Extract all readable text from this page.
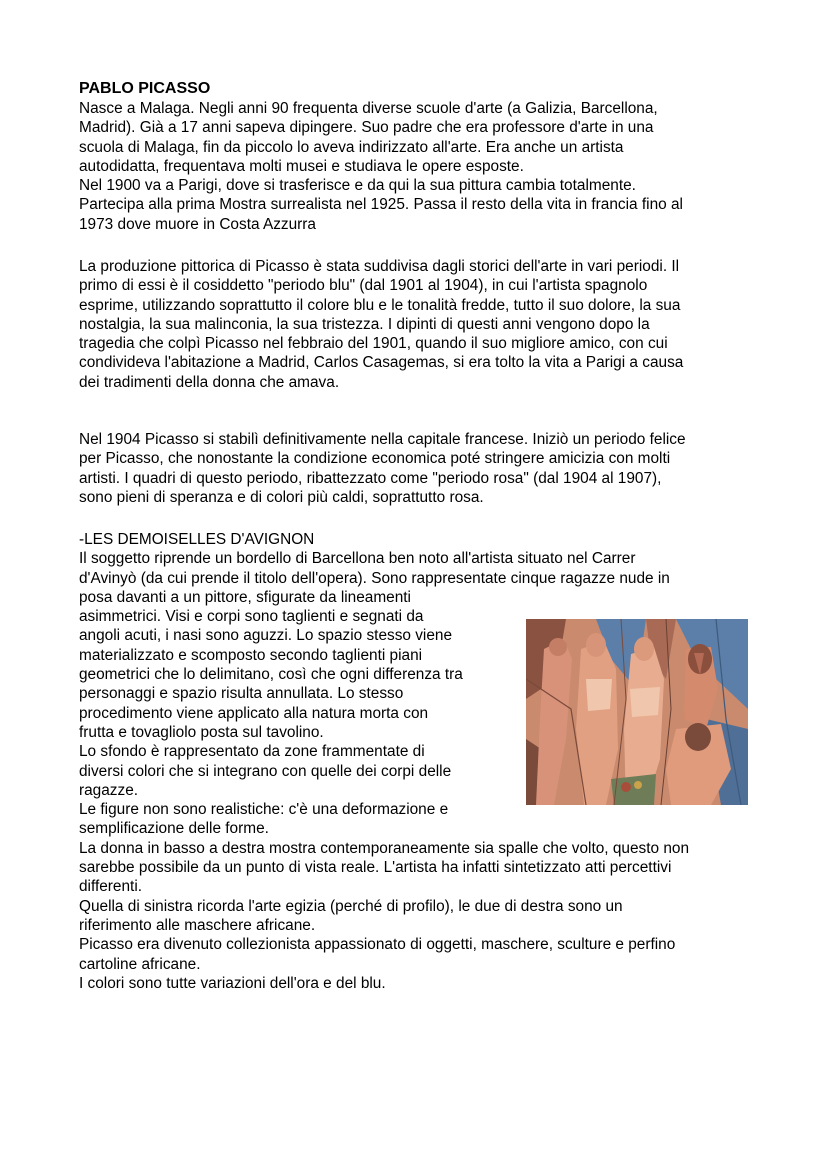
PABLO PICASSO
Nasce a Malaga. Negli anni 90 frequenta diverse scuole d'arte (a Galizia, Barcellona,
Madrid). Già a 17 anni sapeva dipingere. Suo padre che era professore d'arte in una
scuola di Malaga, fin da piccolo lo aveva indirizzato all'arte. Era anche un artista
autodidatta, frequentava molti musei e studiava le opere esposte.
Nel 1900 va a Parigi, dove si trasferisce e da qui la sua pittura cambia totalmente.
Partecipa alla prima Mostra surrealista nel 1925. Passa il resto della vita in francia fino al
1973 dove muore in Costa Azzurra
La produzione pittorica di Picasso è stata suddivisa dagli storici dell'arte in vari periodi. Il
primo di essi è il cosiddetto "periodo blu" (dal 1901 al 1904), in cui l'artista spagnolo
esprime, utilizzando soprattutto il colore blu e le tonalità fredde, tutto il suo dolore, la sua
nostalgia, la sua malinconia, la sua tristezza. I dipinti di questi anni vengono dopo la
tragedia che colpì Picasso nel febbraio del 1901, quando il suo migliore amico, con cui
condivideva l'abitazione a Madrid, Carlos Casagemas, si era tolto la vita a Parigi a causa
dei tradimenti della donna che amava.
Nel 1904 Picasso si stabilì definitivamente nella capitale francese. Iniziò un periodo felice
per Picasso, che nonostante la condizione economica poté stringere amicizia con molti
artisti. I quadri di questo periodo, ribattezzato come "periodo rosa" (dal 1904 al 1907),
sono pieni di speranza e di colori più caldi, soprattutto rosa.
-LES DEMOISELLES D'AVIGNON
Il soggetto riprende un bordello di Barcellona ben noto all'artista situato nel Carrer
d'Avinyò (da cui prende il titolo dell'opera). Sono rappresentate cinque ragazze nude in
posa davanti a un pittore, sfigurate da lineamenti
asimmetrici. Visi e corpi sono taglienti e segnati da
angoli acuti, i nasi sono aguzzi. Lo spazio stesso viene
materializzato e scomposto secondo taglienti piani
geometrici che lo delimitano, così che ogni differenza tra
personaggi e spazio risulta annullata. Lo stesso
procedimento viene applicato alla natura morta con
frutta e tovagliolo posta sul tavolino.
Lo sfondo è rappresentato da zone frammentate di
diversi colori che si integrano con quelle dei corpi delle
ragazze.
Le figure non sono realistiche: c'è una deformazione e
semplificazione delle forme.
La donna in basso a destra mostra contemporaneamente sia spalle che volto, questo non
sarebbe possibile da un punto di vista reale. L'artista ha infatti sintetizzato atti percettivi
differenti.
Quella di sinistra ricorda l'arte egizia (perché di profilo), le due di destra sono un
riferimento alle maschere africane.
Picasso era divenuto collezionista appassionato di oggetti, maschere, sculture e perfino
cartoline africane.
I colori sono tutte variazioni dell'ora e del blu.
